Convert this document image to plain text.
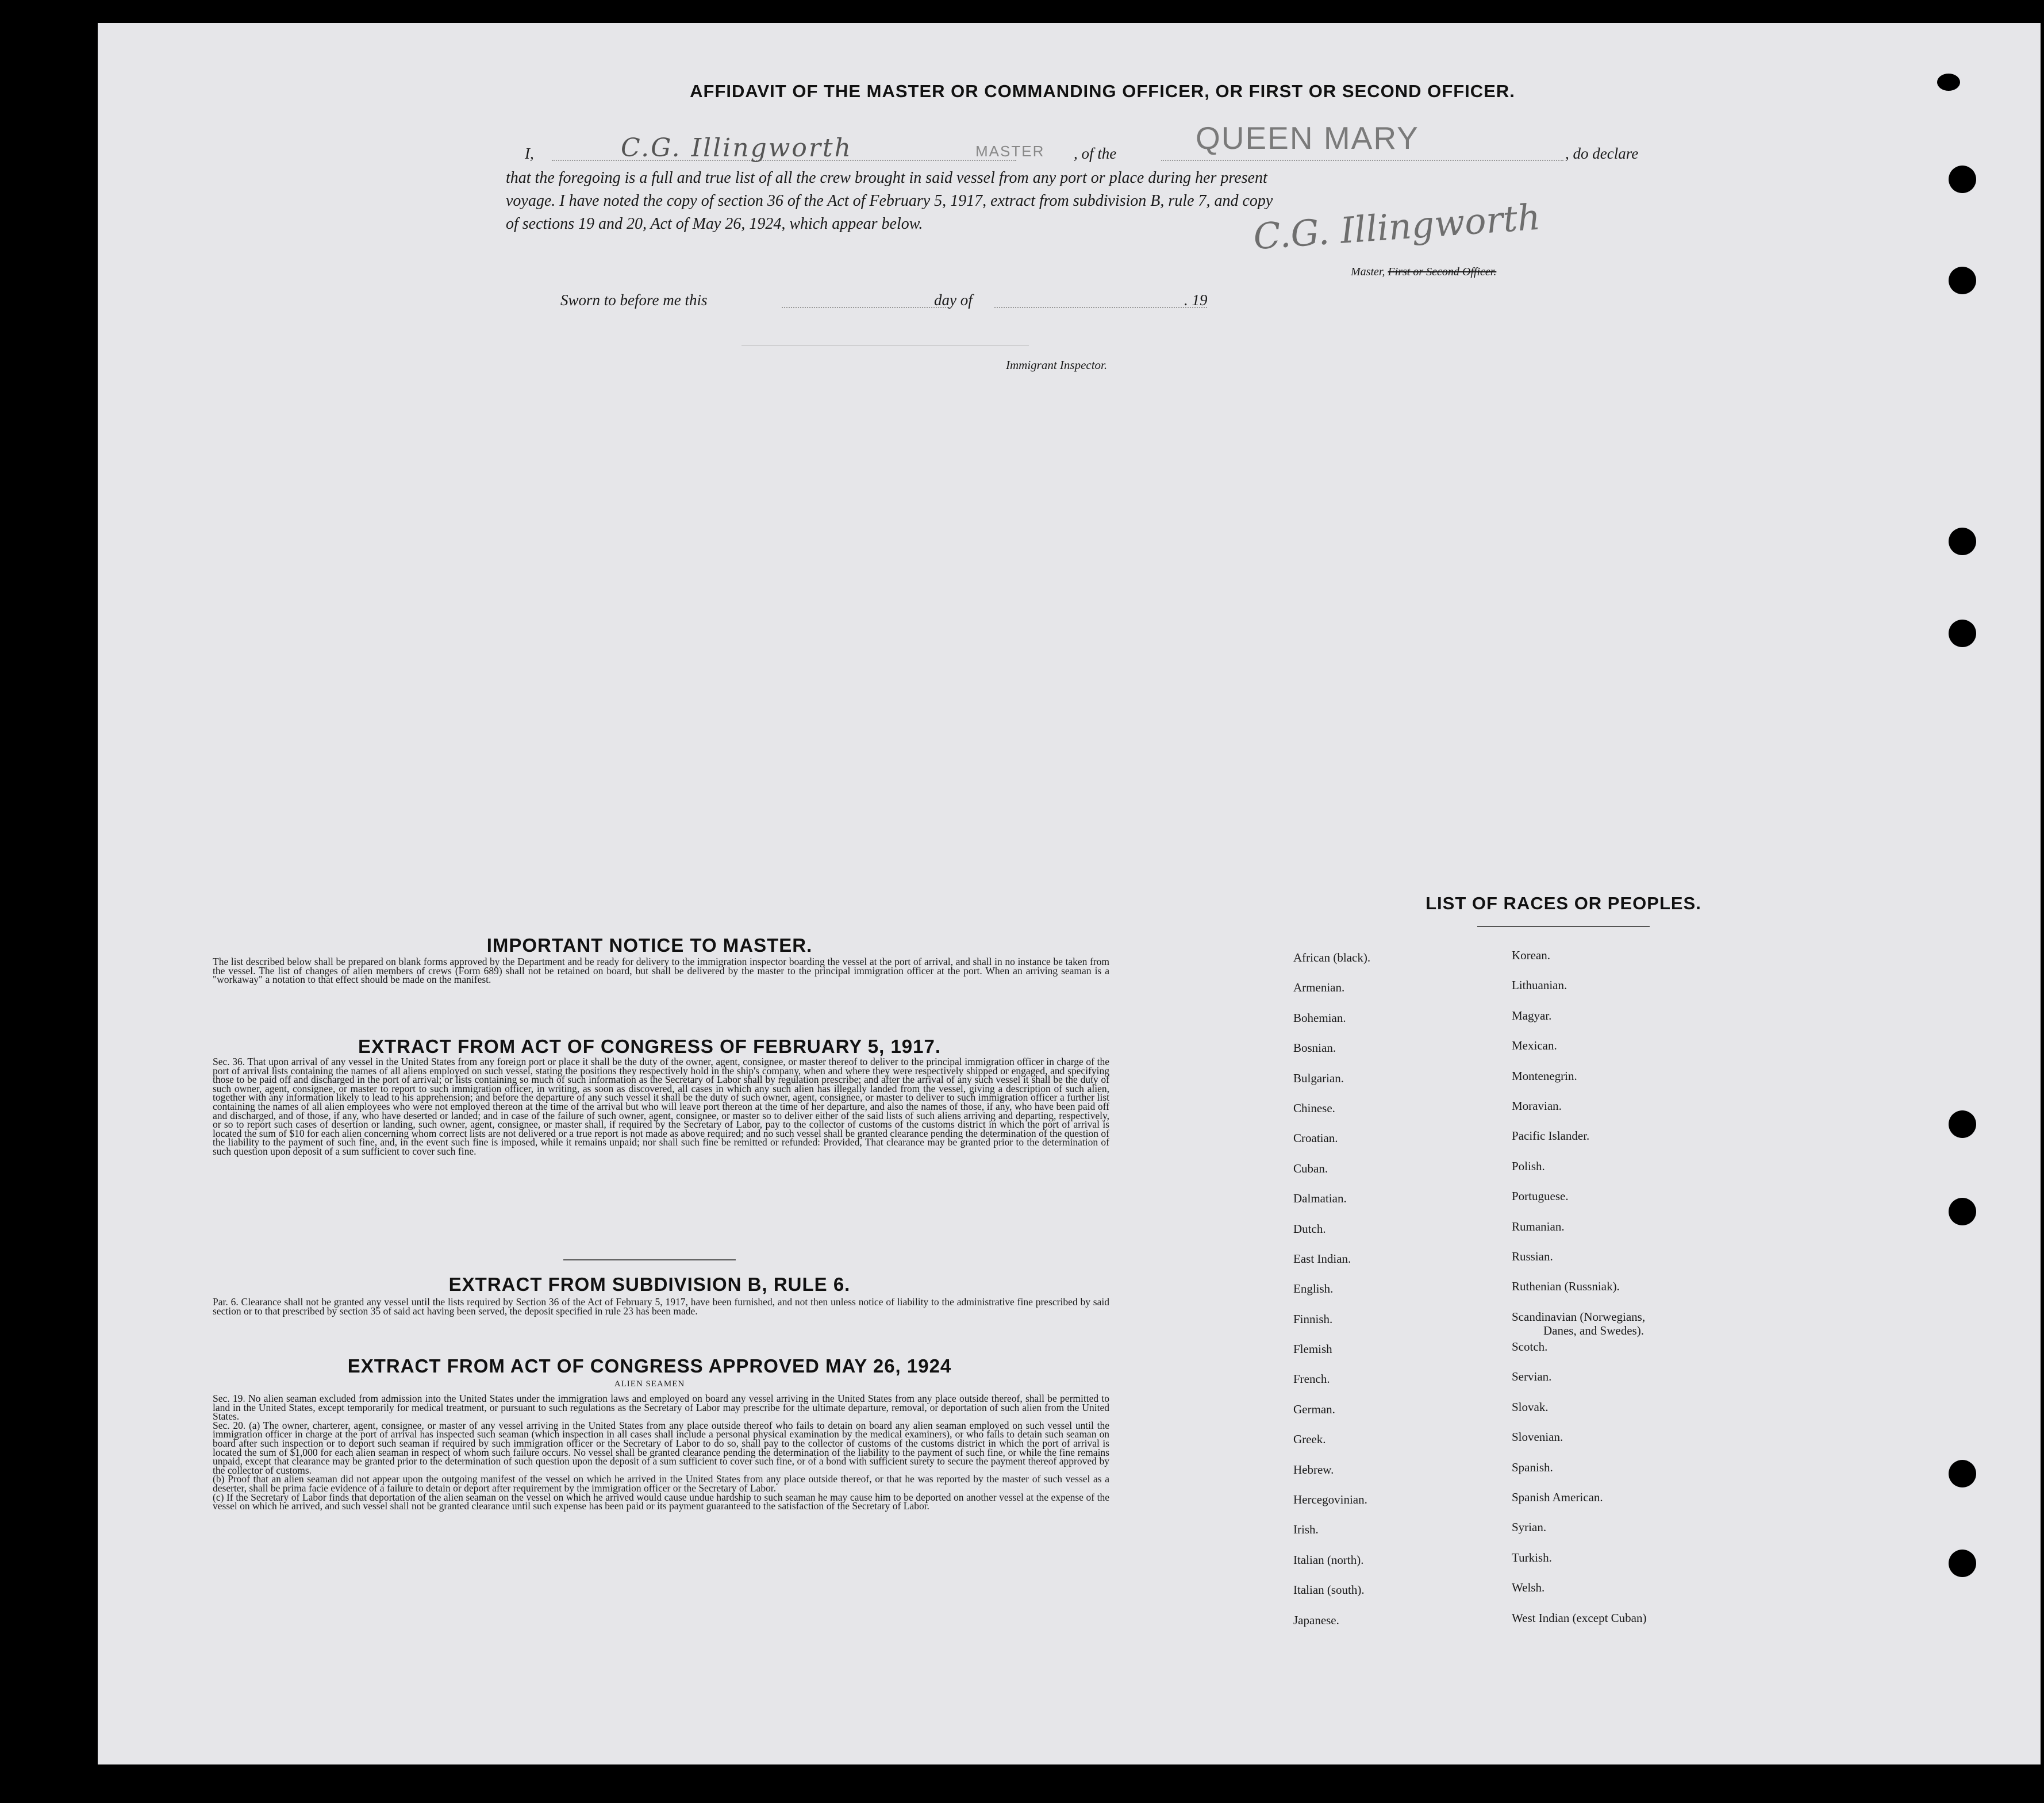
AFFIDAVIT OF THE MASTER OR COMMANDING OFFICER, OR FIRST OR SECOND OFFICER.
I,	C.G. Illingworth	MASTER , of the	QUEEN MARY	, do declare
that the foregoing is a full and true list of all the crew brought in said vessel from any port or place during her present
voyage. I have noted the copy of section 36 of the Act of February 5, 1917, extract from subdivision B, rule 7, and copy
of sections 19 and 20, Act of May 26, 1924, which appear below.	C.G. Illingworth
Master, First or Second Officer.
Sworn to before me this	day of	. 19
Immigrant Inspector.
IMPORTANT NOTICE TO MASTER.
The list described below shall be prepared on blank forms approved by the Department and be ready for delivery to the immigration inspector boarding the vessel at the port of arrival, and shall in no instance be taken from the vessel. The list of changes of alien members of crews (Form 689) shall not be retained on board, but shall be delivered by the master to the principal immigration officer at the port. When an arriving seaman is a "workaway" a notation to that effect should be made on the manifest.
EXTRACT FROM ACT OF CONGRESS OF FEBRUARY 5, 1917.
Sec. 36. That upon arrival of any vessel in the United States from any foreign port or place it shall be the duty of the owner, agent, consignee, or master thereof to deliver to the principal immigration officer in charge of the port of arrival lists containing the names of all aliens employed on such vessel, stating the positions they respectively hold in the ship's company, when and where they were respectively shipped or engaged, and specifying those to be paid off and discharged in the port of arrival; or lists containing so much of such information as the Secretary of Labor shall by regulation prescribe; and after the arrival of any such vessel it shall be the duty of such owner, agent, consignee, or master to report to such immigration officer, in writing, as soon as discovered, all cases in which any such alien has illegally landed from the vessel, giving a description of such alien, together with any information likely to lead to his apprehension; and before the departure of any such vessel it shall be the duty of such owner, agent, consignee, or master to deliver to such immigration officer a further list containing the names of all alien employees who were not employed thereon at the time of the arrival but who will leave port thereon at the time of her departure, and also the names of those, if any, who have been paid off and discharged, and of those, if any, who have deserted or landed; and in case of the failure of such owner, agent, consignee, or master so to deliver either of the said lists of such aliens arriving and departing, respectively, or so to report such cases of desertion or landing, such owner, agent, consignee, or master shall, if required by the Secretary of Labor, pay to the collector of customs of the customs district in which the port of arrival is located the sum of $10 for each alien concerning whom correct lists are not delivered or a true report is not made as above required; and no such vessel shall be granted clearance pending the determination of the question of the liability to the payment of such fine, and, in the event such fine is imposed, while it remains unpaid; nor shall such fine be remitted or refunded: Provided, That clearance may be granted prior to the determination of such question upon deposit of a sum sufficient to cover such fine.
EXTRACT FROM SUBDIVISION B, RULE 6.
Par. 6. Clearance shall not be granted any vessel until the lists required by Section 36 of the Act of February 5, 1917, have been furnished, and not then unless notice of liability to the administrative fine prescribed by said section or to that prescribed by section 35 of said act having been served, the deposit specified in rule 23 has been made.
EXTRACT FROM ACT OF CONGRESS APPROVED MAY 26, 1924
ALIEN SEAMEN
Sec. 19. No alien seaman excluded from admission into the United States under the immigration laws and employed on board any vessel arriving in the United States from any place outside thereof, shall be permitted to land in the United States, except temporarily for medical treatment, or pursuant to such regulations as the Secretary of Labor may prescribe for the ultimate departure, removal, or deportation of such alien from the United States.
Sec. 20. (a) The owner, charterer, agent, consignee, or master of any vessel arriving in the United States from any place outside thereof who fails to detain on board any alien seaman employed on such vessel until the immigration officer in charge at the port of arrival has inspected such seaman (which inspection in all cases shall include a personal physical examination by the medical examiners), or who fails to detain such seaman on board after such inspection or to deport such seaman if required by such immigration officer or the Secretary of Labor to do so, shall pay to the collector of customs of the customs district in which the port of arrival is located the sum of $1,000 for each alien seaman in respect of whom such failure occurs. No vessel shall be granted clearance pending the determination of the liability to the payment of such fine, or while the fine remains unpaid, except that clearance may be granted prior to the determination of such question upon the deposit of a sum sufficient to cover such fine, or of a bond with sufficient surety to secure the payment thereof approved by the collector of customs.
(b) Proof that an alien seaman did not appear upon the outgoing manifest of the vessel on which he arrived in the United States from any place outside thereof, or that he was reported by the master of such vessel as a deserter, shall be prima facie evidence of a failure to detain or deport after requirement by the immigration officer or the Secretary of Labor.
(c) If the Secretary of Labor finds that deportation of the alien seaman on the vessel on which he arrived would cause undue hardship to such seaman he may cause him to be deported on another vessel at the expense of the vessel on which he arrived, and such vessel shall not be granted clearance until such expense has been paid or its payment guaranteed to the satisfaction of the Secretary of Labor.
LIST OF RACES OR PEOPLES.
African (black).
Armenian.
Bohemian.
Bosnian.
Bulgarian.
Chinese.
Croatian.
Cuban.
Dalmatian.
Dutch.
East Indian.
English.
Finnish.
Flemish
French.
German.
Greek.
Hebrew.
Hercegovinian.
Irish.
Italian (north).
Italian (south).
Japanese.
Korean.
Lithuanian.
Magyar.
Mexican.
Montenegrin.
Moravian.
Pacific Islander.
Polish.
Portuguese.
Rumanian.
Russian.
Ruthenian (Russniak).
Scandinavian (Norwegians,
Scotch.
Servian.
Slovak.
Slovenian.
Spanish.
Spanish American.
Syrian.
Turkish.
Welsh.
West Indian (except Cuban)
Danes, and Swedes).
